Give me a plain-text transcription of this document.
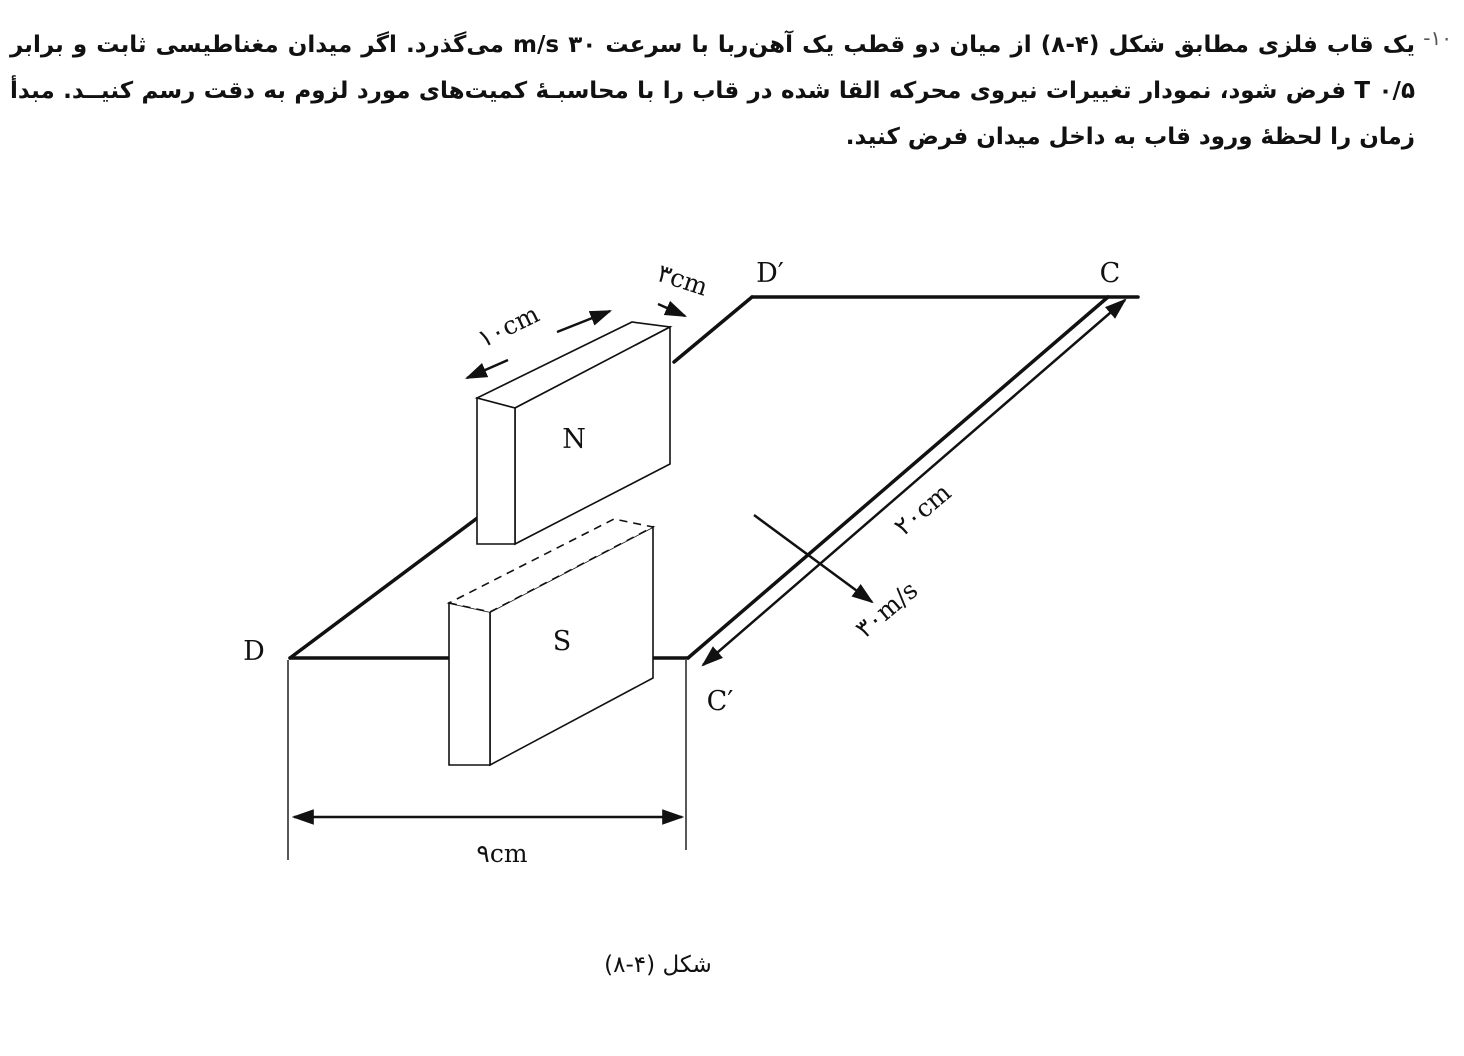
-۱۰
یک قاب فلزی مطابق شکل (۴-۸) از میان دو قطب یک آهن‌ربا با سرعت ۳۰ m/s می‌گذرد. اگر میدان مغناطیسی ثابت و برابر ۰/۵ T فرض شود، نمودار تغییرات نیروی محرکه القا شده در قاب را با محاسبـۀ کمیت‌های مورد لزوم به دقت رسم کنیــد. مبدأ زمان را لحظۀ ورود قاب به داخل میدان فرض کنید.
N
S
D
D′	C
C′
۱۰cm
۳cm
۲۰cm
۳۰m/s
۹cm
شکل (۴-۸)
